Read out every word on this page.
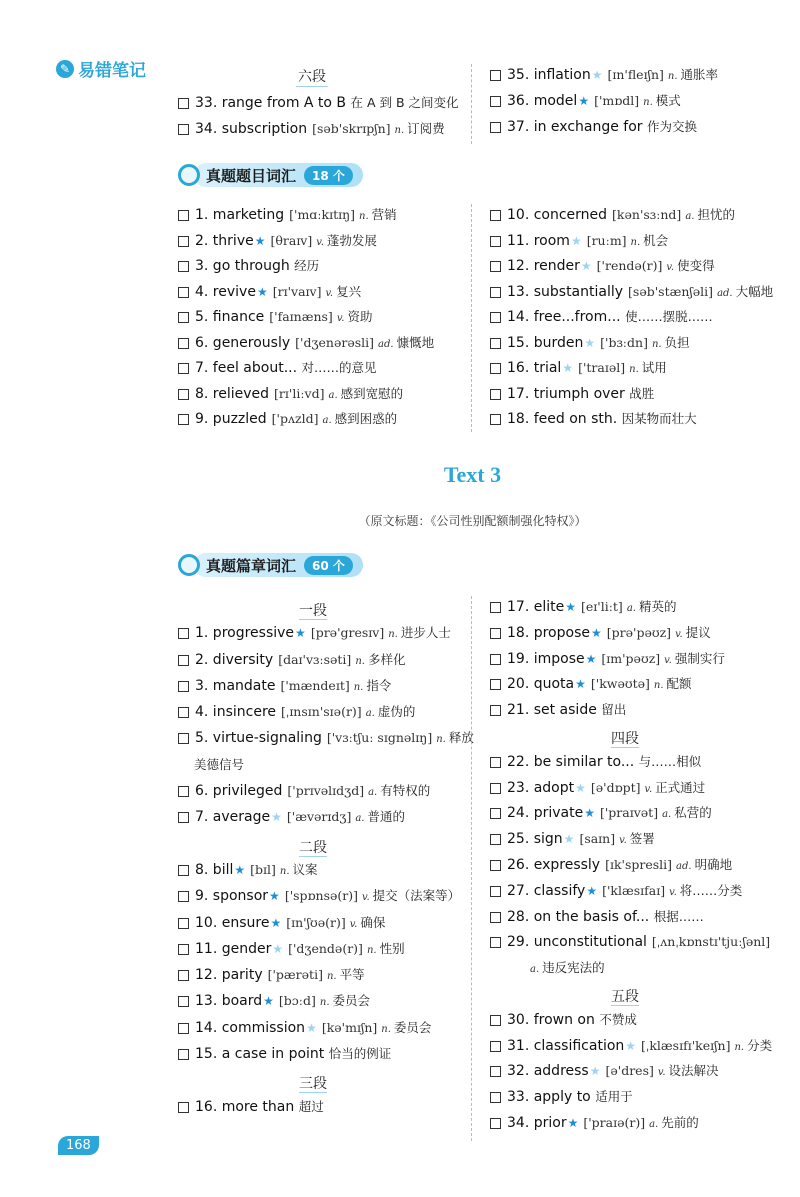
✎ 易错笔记	六段
33. range from A to B 在 A 到 B 之间变化
34. subscription [səb'skrɪpʃn] n. 订阅费
35. inflation★ [ɪn'fleɪʃn] n. 通胀率
36. model★ ['mɒdl] n. 模式
37. in exchange for 作为交换
真题题目词汇	18 个
1. marketing ['mɑːkɪtɪŋ] n. 营销
2. thrive★ [θraɪv] v. 蓬勃发展
3. go through 经历
4. revive★ [rɪ'vaɪv] v. 复兴
5. finance ['faɪnæns] v. 资助
6. generously ['dʒenərəsli] ad. 慷慨地
7. feel about... 对……的意见
8. relieved [rɪ'liːvd] a. 感到宽慰的
9. puzzled ['pʌzld] a. 感到困惑的
10. concerned [kən'sɜːnd] a. 担忧的
11. room★ [ruːm] n. 机会
12. render★ ['rendə(r)] v. 使变得
13. substantially [səb'stænʃəli] ad. 大幅地
14. free...from... 使……摆脱……
15. burden★ ['bɜːdn] n. 负担
16. trial★ ['traɪəl] n. 试用
17. triumph over 战胜
18. feed on sth. 因某物而壮大
Text 3
（原文标题：《公司性别配额制强化特权》）
真题篇章词汇	60 个
一段
1. progressive★ [prə'gresɪv] n. 进步人士
2. diversity [daɪ'vɜːsəti] n. 多样化
3. mandate ['mændeɪt] n. 指令
4. insincere [ˌɪnsɪn'sɪə(r)] a. 虚伪的
5. virtue-signaling ['vɜːtʃuː sɪgnəlɪŋ] n. 释放
美德信号
6. privileged ['prɪvəlɪdʒd] a. 有特权的
7. average★ ['ævərɪdʒ] a. 普通的
二段
8. bill★ [bɪl] n. 议案
9. sponsor★ ['spɒnsə(r)] v. 提交（法案等）
10. ensure★ [ɪn'ʃʊə(r)] v. 确保
11. gender★ ['dʒendə(r)] n. 性别
12. parity ['pærəti] n. 平等
13. board★ [bɔːd] n. 委员会
14. commission★ [kə'mɪʃn] n. 委员会
15. a case in point 恰当的例证
三段
16. more than 超过
17. elite★ [eɪ'liːt] a. 精英的
18. propose★ [prə'pəʊz] v. 提议
19. impose★ [ɪm'pəʊz] v. 强制实行
20. quota★ ['kwəʊtə] n. 配额
21. set aside 留出
四段
22. be similar to... 与……相似
23. adopt★ [ə'dɒpt] v. 正式通过
24. private★ ['praɪvət] a. 私营的
25. sign★ [saɪn] v. 签署
26. expressly [ɪk'spresli] ad. 明确地
27. classify★ ['klæsɪfaɪ] v. 将……分类
28. on the basis of... 根据……
29. unconstitutional [ˌʌnˌkɒnstɪ'tjuːʃənl]
a. 违反宪法的
五段
30. frown on 不赞成
31. classification★ [ˌklæsɪfɪ'keɪʃn] n. 分类
32. address★ [ə'dres] v. 设法解决
33. apply to 适用于
34. prior★ ['praɪə(r)] a. 先前的
168
